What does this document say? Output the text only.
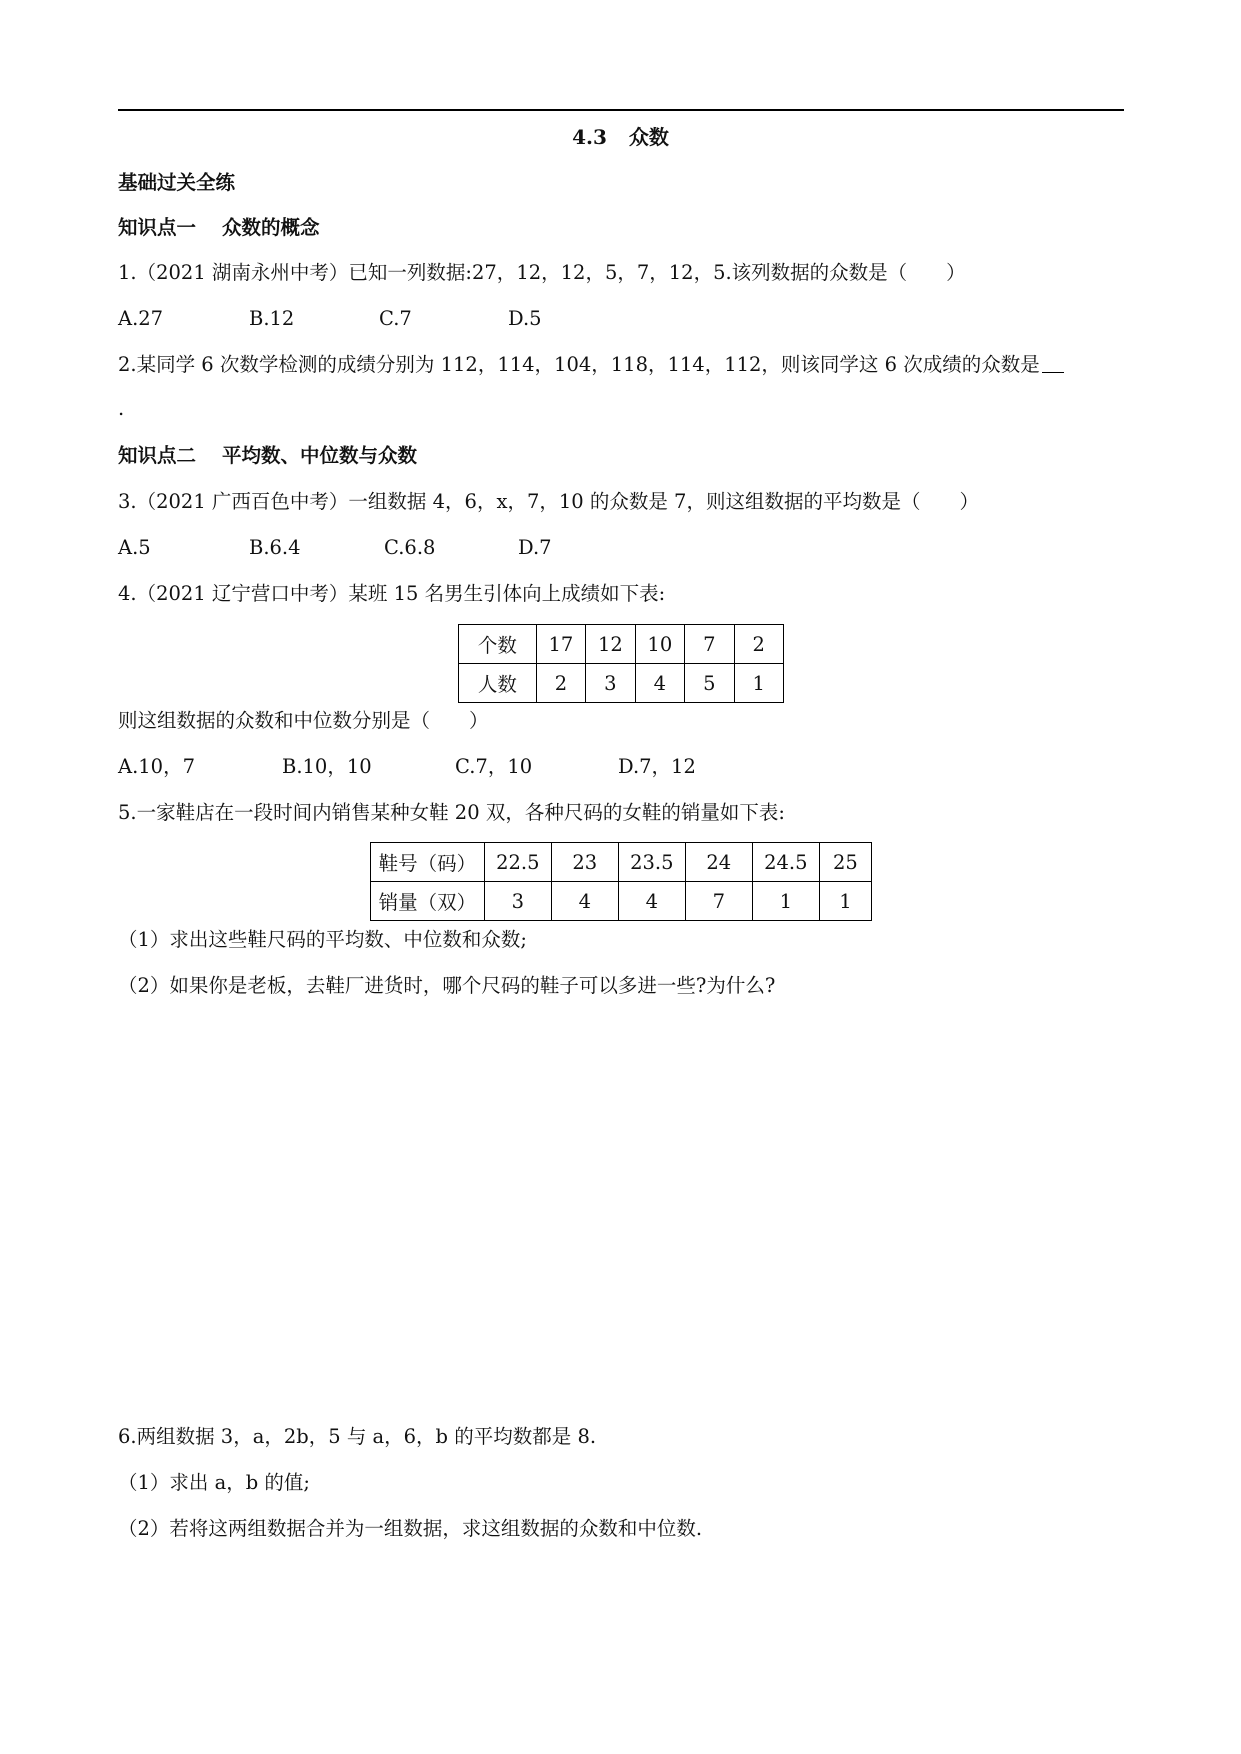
4.3 众数
基础过关全练
知识点一 众数的概念
1.（2021 湖南永州中考）已知一列数据:27，12，12，5，7，12，5.该列数据的众数是（　　）
A.27	B.12	C.7	D.5
2.某同学 6 次数学检测的成绩分别为 112，114，104，118，114，112，则该同学这 6 次成绩的众数是
.
知识点二 平均数、中位数与众数
3.（2021 广西百色中考）一组数据 4，6，x，7，10 的众数是 7，则这组数据的平均数是（　　）
A.5	B.6.4	C.6.8	D.7
4.（2021 辽宁营口中考）某班 15 名男生引体向上成绩如下表:
个数	17	12	10	7	2
人数	2	3	4	5	1
则这组数据的众数和中位数分别是（　　）
A.10，7	B.10，10	C.7，10	D.7，12
5.一家鞋店在一段时间内销售某种女鞋 20 双，各种尺码的女鞋的销量如下表:
鞋号（码）	22.5	23	23.5	24	24.5	25
销量（双）	3	4	4	7	1	1
（1）求出这些鞋尺码的平均数、中位数和众数;
（2）如果你是老板，去鞋厂进货时，哪个尺码的鞋子可以多进一些?为什么?
6.两组数据 3，a，2b，5 与 a，6，b 的平均数都是 8.
（1）求出 a，b 的值;
（2）若将这两组数据合并为一组数据，求这组数据的众数和中位数.
